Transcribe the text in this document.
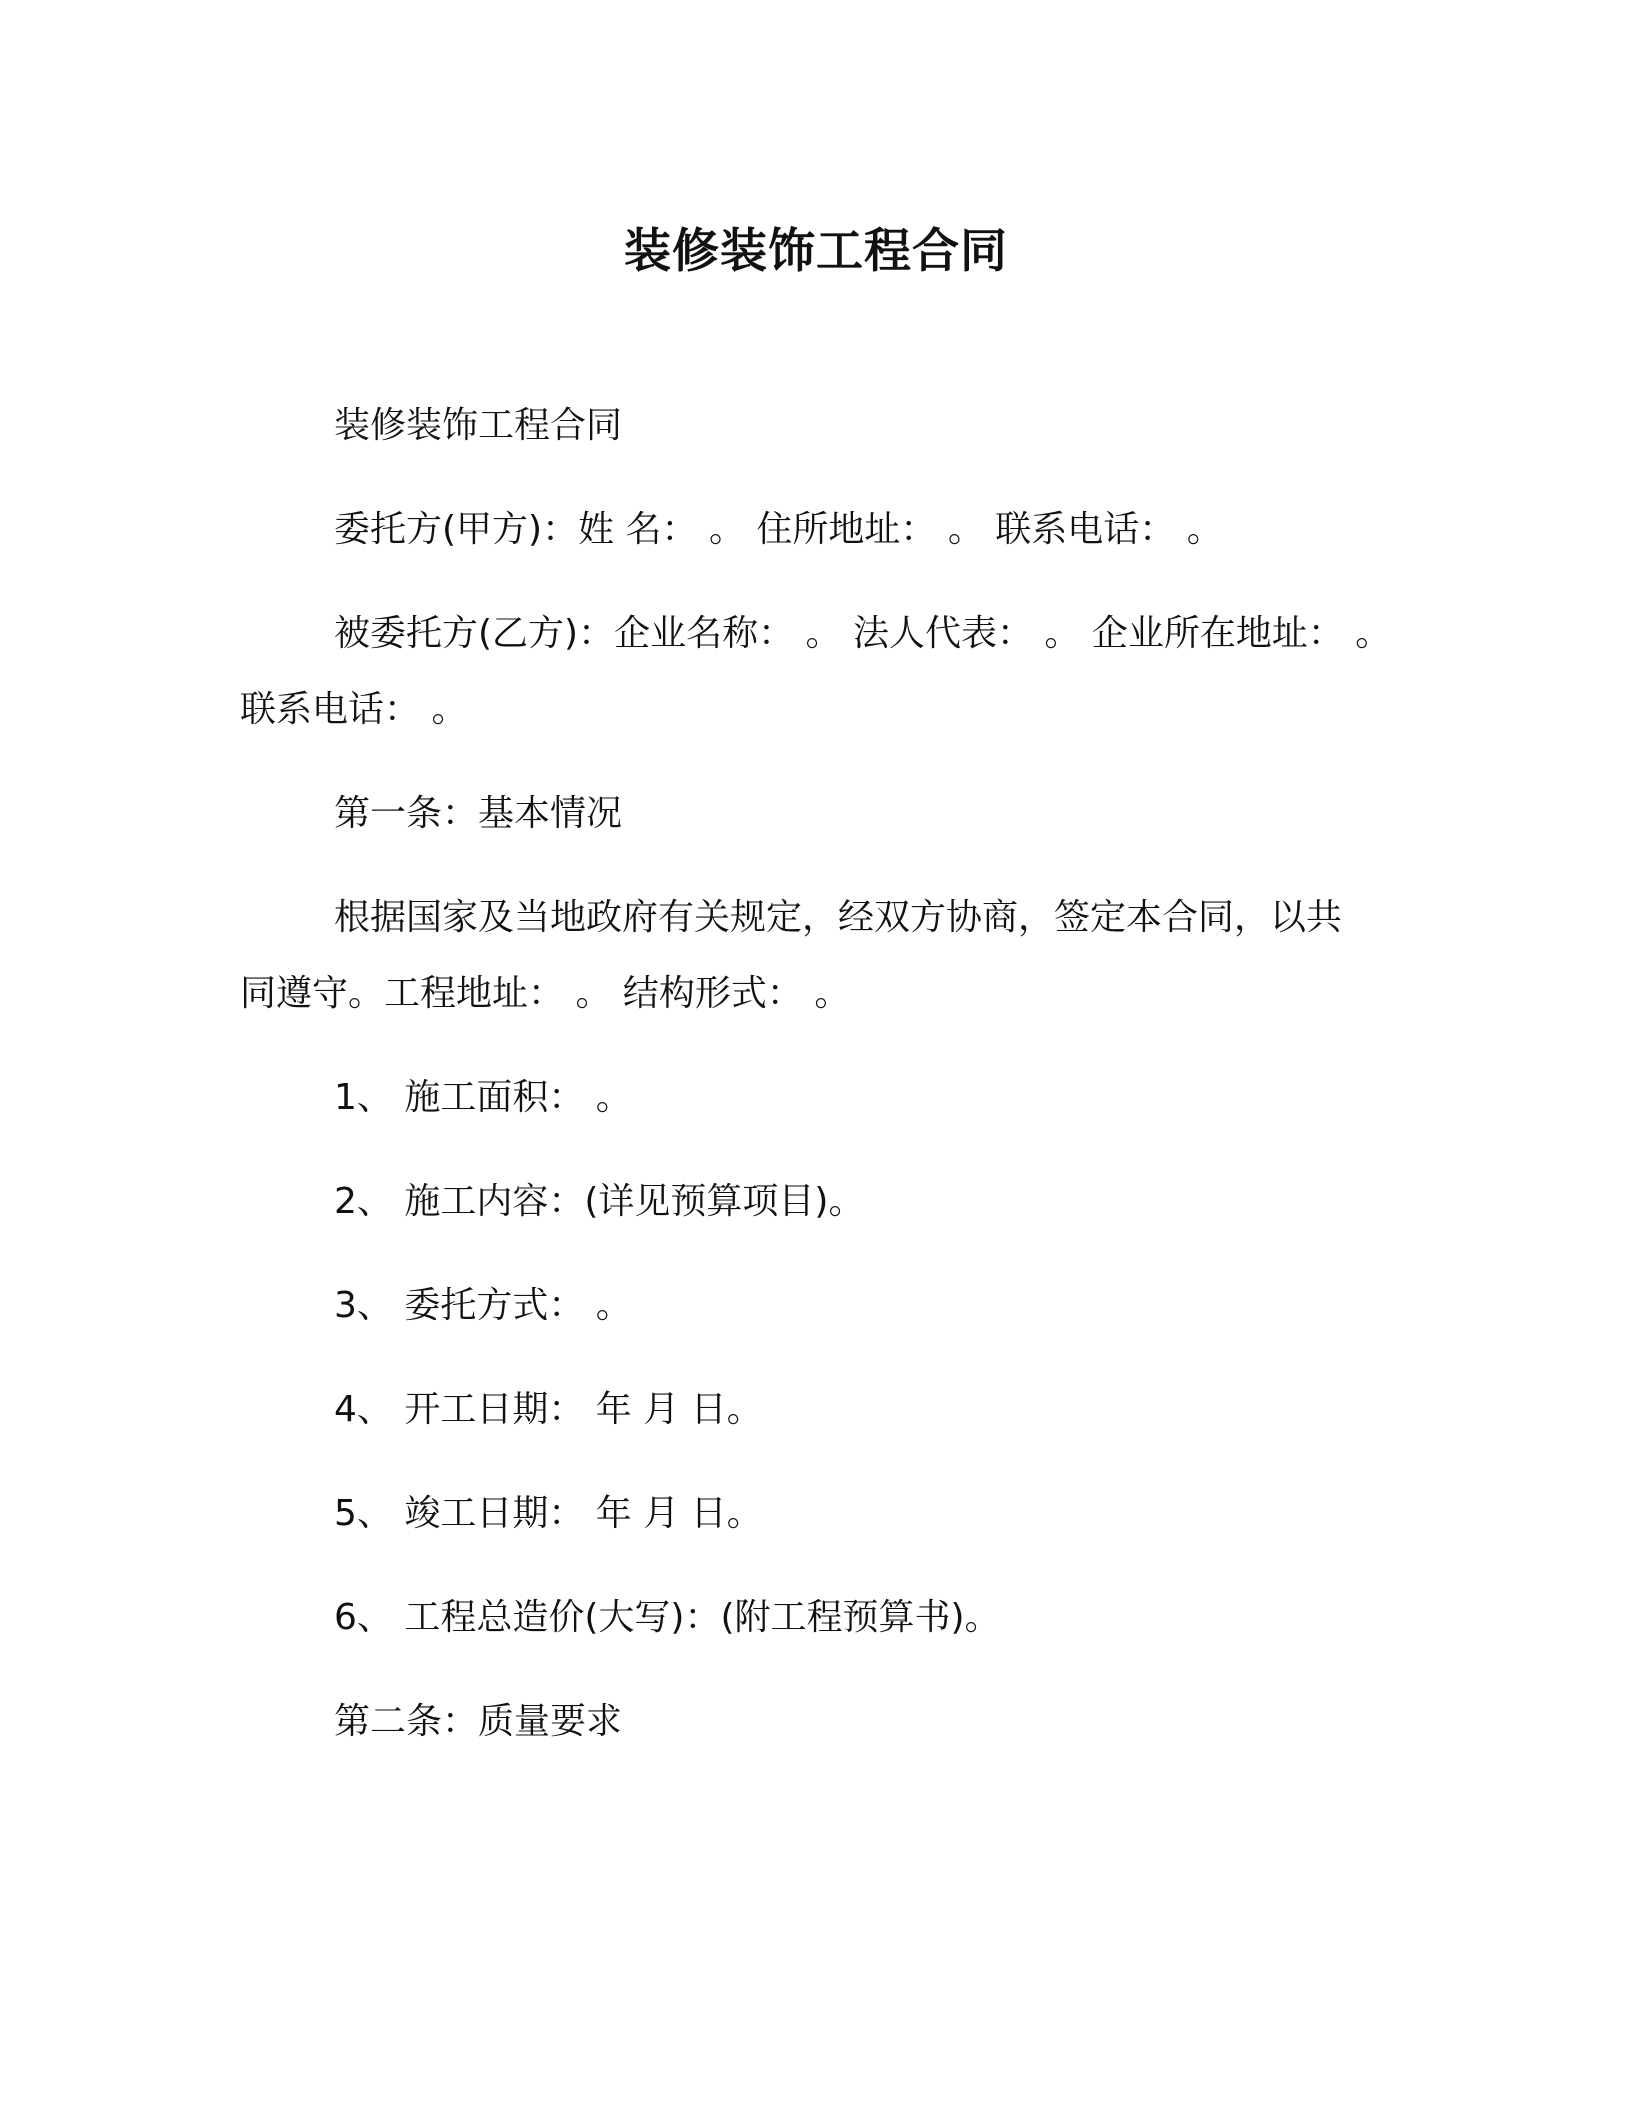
装修装饰工程合同
装修装饰工程合同
委托方(甲方)：姓 名： 。 住所地址： 。 联系电话： 。
被委托方(乙方)：企业名称： 。 法人代表： 。 企业所在地址： 。
联系电话： 。
第一条：基本情况
根据国家及当地政府有关规定，经双方协商，签定本合同，以共
同遵守。工程地址： 。 结构形式： 。
1、 施工面积： 。
2、 施工内容：(详见预算项目)。
3、 委托方式： 。
4、 开工日期： 年 月 日。
5、 竣工日期： 年 月 日。
6、 工程总造价(大写)：(附工程预算书)。
第二条：质量要求
